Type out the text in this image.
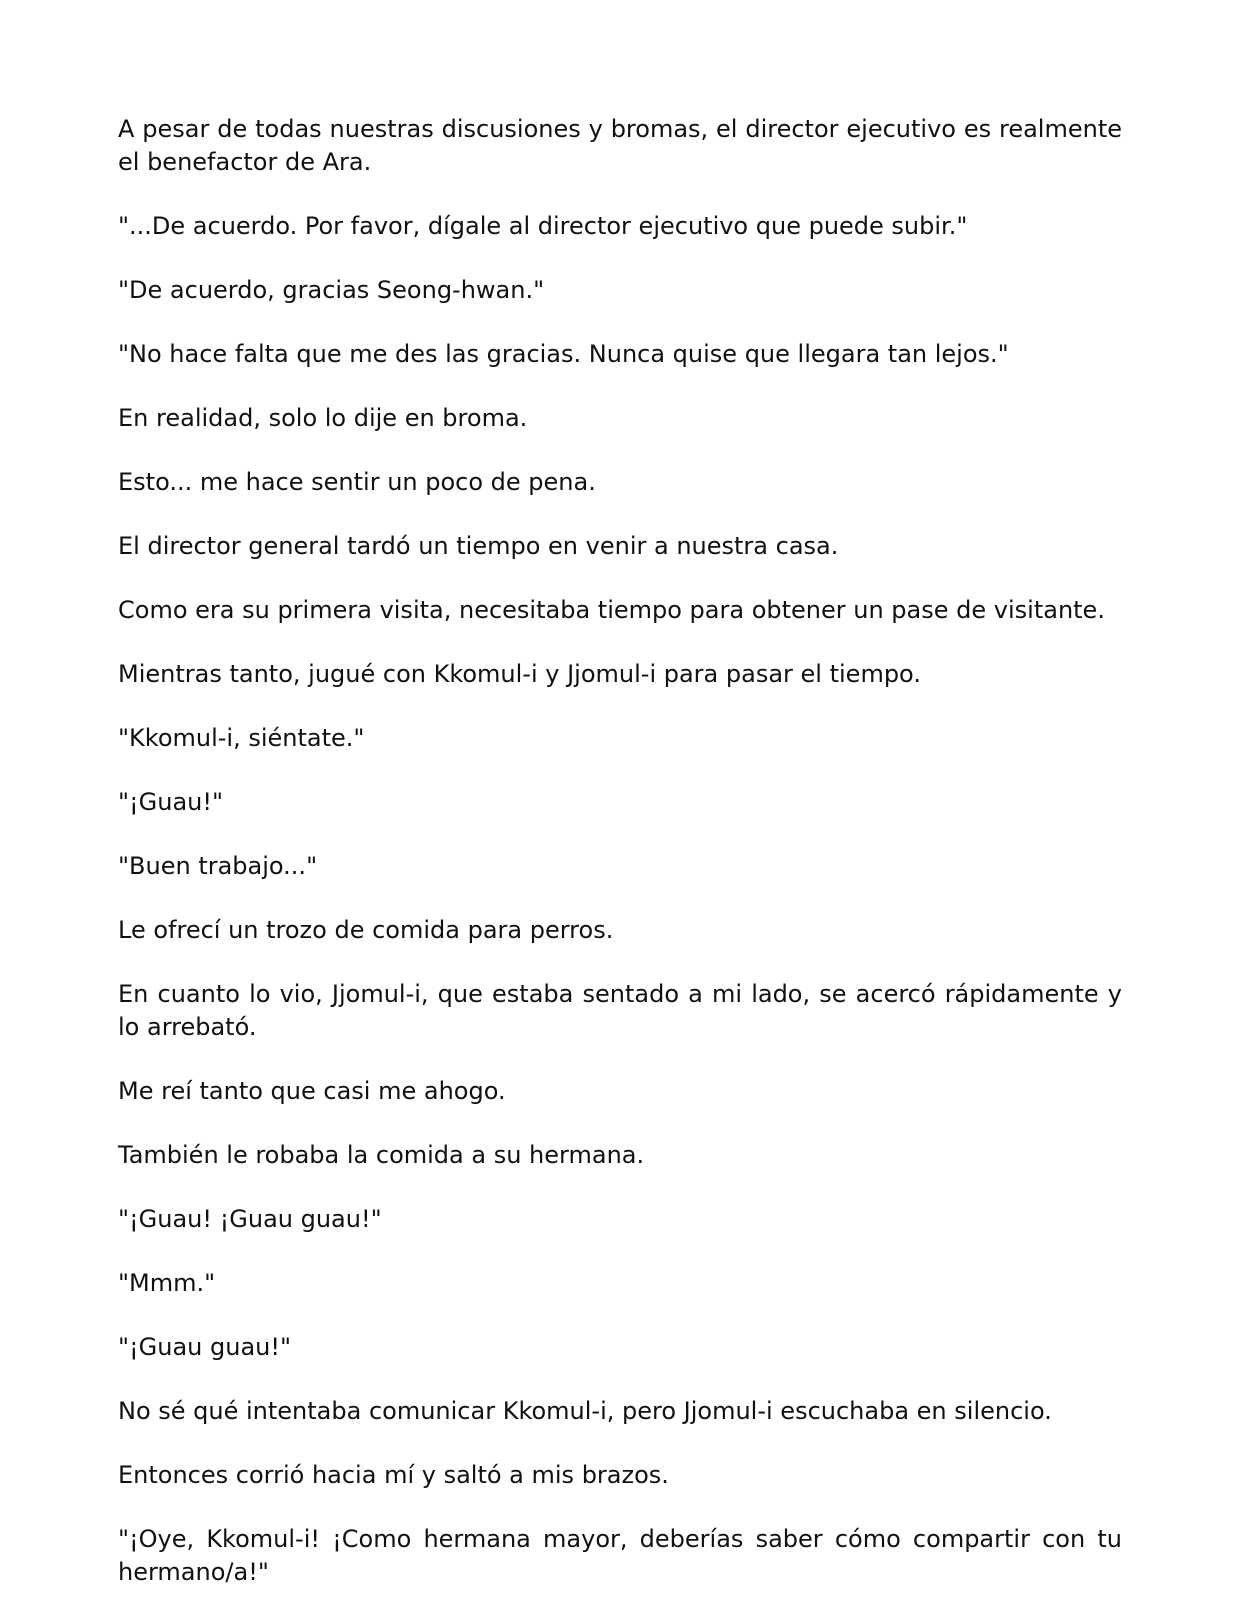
A pesar de todas nuestras discusiones y bromas, el director ejecutivo es realmente el benefactor de Ara.

"...De acuerdo. Por favor, dígale al director ejecutivo que puede subir."

"De acuerdo, gracias Seong-hwan."

"No hace falta que me des las gracias. Nunca quise que llegara tan lejos."

En realidad, solo lo dije en broma.

Esto... me hace sentir un poco de pena.

El director general tardó un tiempo en venir a nuestra casa.

Como era su primera visita, necesitaba tiempo para obtener un pase de visitante.

Mientras tanto, jugué con Kkomul-i y Jjomul-i para pasar el tiempo.

"Kkomul-i, siéntate."

"¡Guau!"

"Buen trabajo..."

Le ofrecí un trozo de comida para perros.

En cuanto lo vio, Jjomul-i, que estaba sentado a mi lado, se acercó rápidamente y lo arrebató.

Me reí tanto que casi me ahogo.

También le robaba la comida a su hermana.

"¡Guau! ¡Guau guau!"

"Mmm."

"¡Guau guau!"

No sé qué intentaba comunicar Kkomul-i, pero Jjomul-i escuchaba en silencio.

Entonces corrió hacia mí y saltó a mis brazos.

"¡Oye, Kkomul-i! ¡Como hermana mayor, deberías saber cómo compartir con tu hermano/a!"
